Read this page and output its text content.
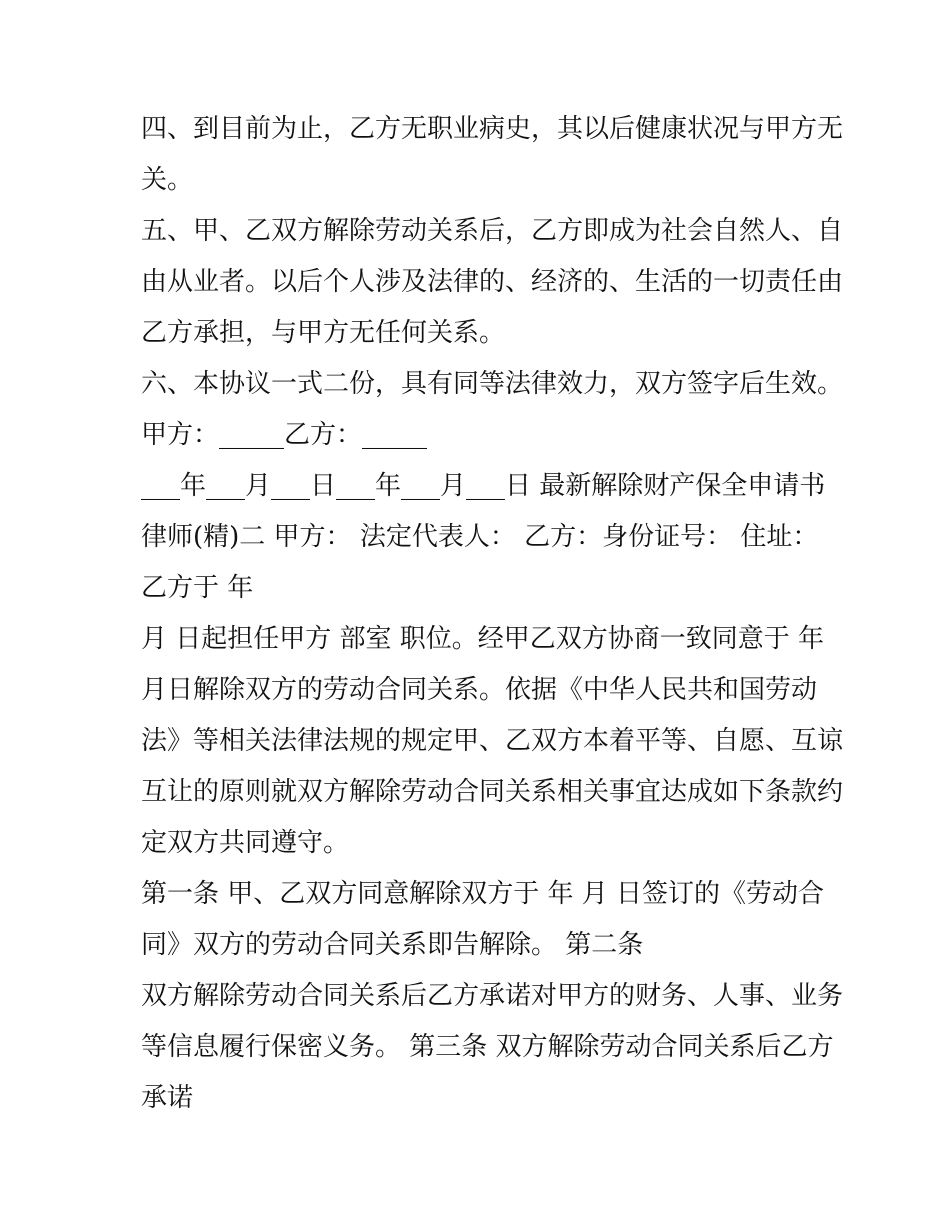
四、到目前为止，乙方无职业病史，其以后健康状况与甲方无
关。
五、甲、乙双方解除劳动关系后，乙方即成为社会自然人、自
由从业者。以后个人涉及法律的、经济的、生活的一切责任由
乙方承担，与甲方无任何关系。
六、本协议一式二份，具有同等法律效力，双方签字后生效。
甲方：_____乙方：_____
___年___月___日___年___月___日 最新解除财产保全申请书
律师(精)二 甲方： 法定代表人： 乙方：身份证号： 住址：
乙方于 年
月 日起担任甲方 部室 职位。经甲乙双方协商一致同意于 年
月日解除双方的劳动合同关系。依据《中华人民共和国劳动
法》等相关法律法规的规定甲、乙双方本着平等、自愿、互谅
互让的原则就双方解除劳动合同关系相关事宜达成如下条款约
定双方共同遵守。
第一条 甲、乙双方同意解除双方于 年 月 日签订的《劳动合
同》双方的劳动合同关系即告解除。 第二条
双方解除劳动合同关系后乙方承诺对甲方的财务、人事、业务
等信息履行保密义务。 第三条 双方解除劳动合同关系后乙方
承诺
